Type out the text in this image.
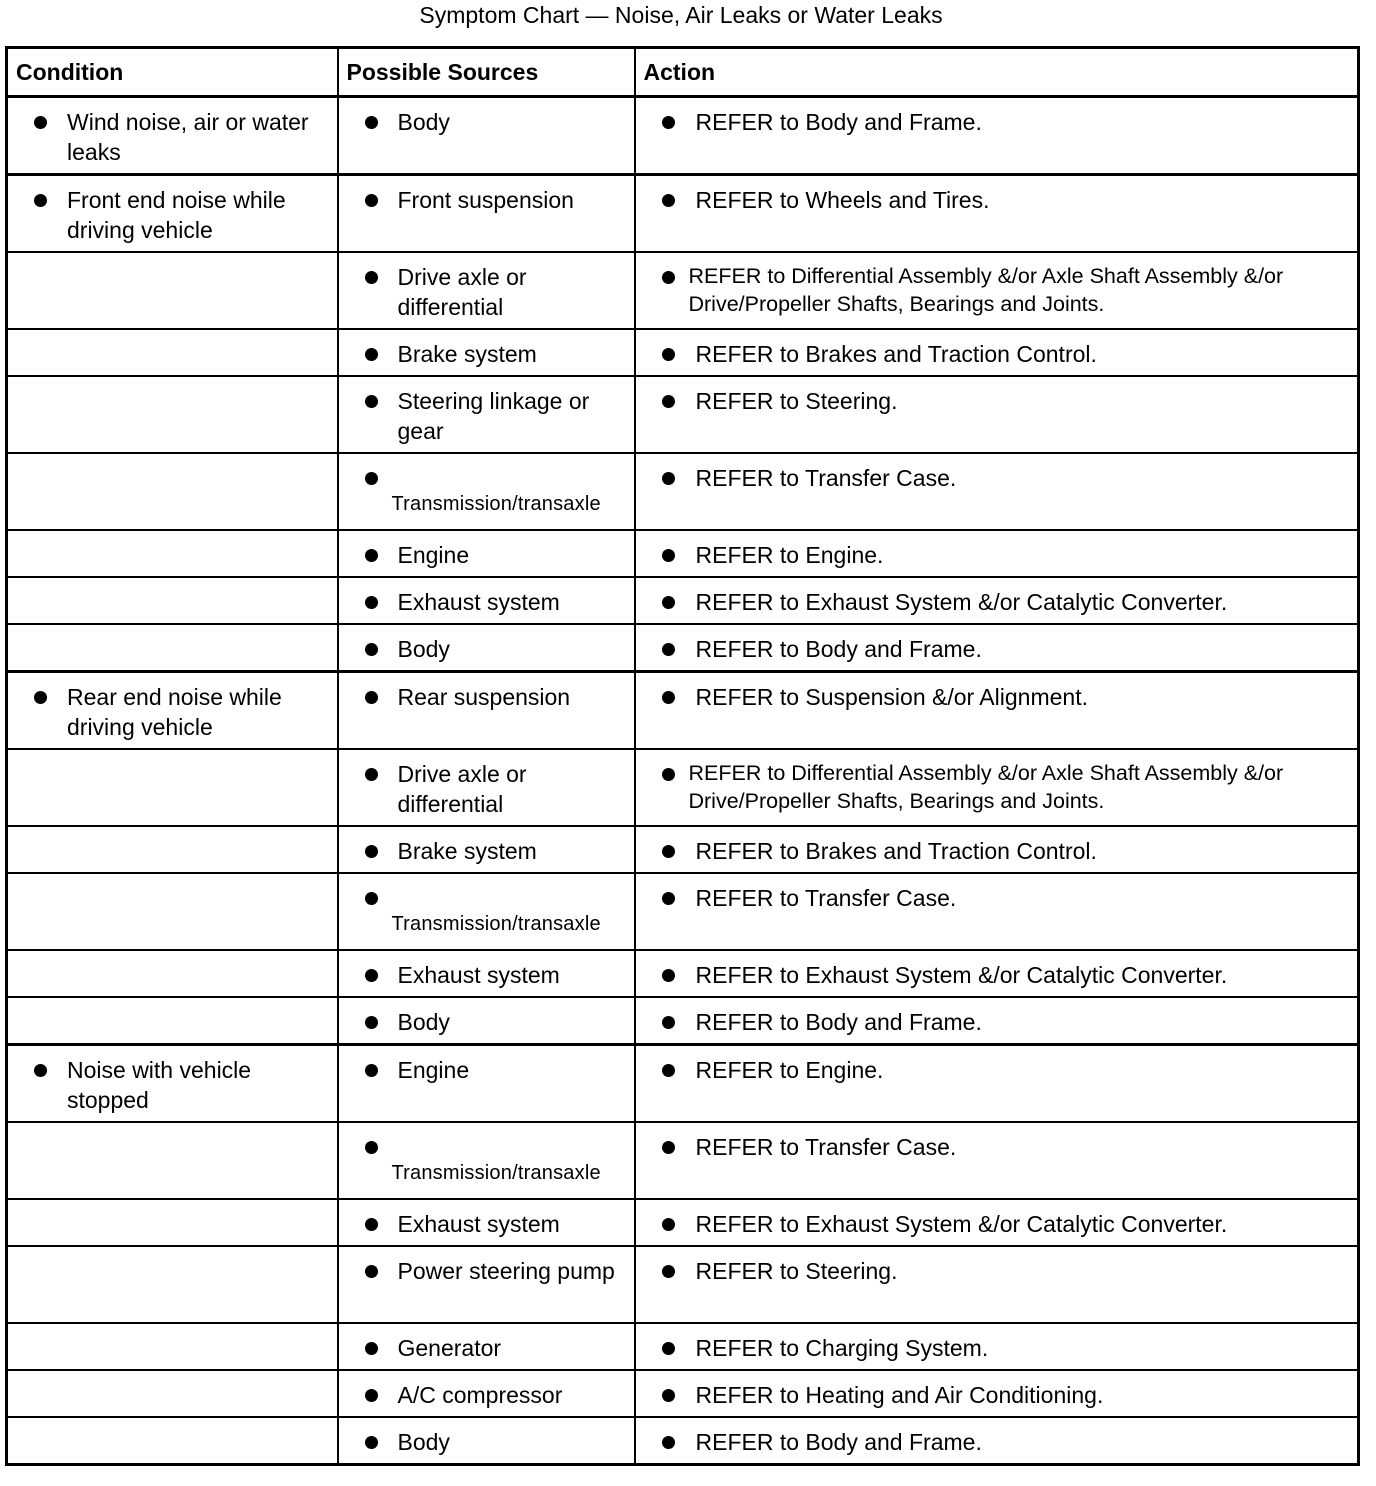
Symptom Chart — Noise, Air Leaks or Water Leaks
Condition	Possible Sources	Action

Wind noise, air or water leaks	Body	REFER to Body and Frame.

Front end noise while driving vehicle	Front suspension	REFER to Wheels and Tires.

	Drive axle or differential	REFER to Differential Assembly &/or Axle Shaft Assembly &/or Drive/Propeller Shafts, Bearings and Joints.

	Brake system	REFER to Brakes and Traction Control.

	Steering linkage or gear	REFER to Steering.

	Transmission/transaxle	REFER to Transfer Case.

	Engine	REFER to Engine.

	Exhaust system	REFER to Exhaust System &/or Catalytic Converter.

	Body	REFER to Body and Frame.

Rear end noise while driving vehicle	Rear suspension	REFER to Suspension &/or Alignment.

	Drive axle or differential	REFER to Differential Assembly &/or Axle Shaft Assembly &/or Drive/Propeller Shafts, Bearings and Joints.

	Brake system	REFER to Brakes and Traction Control.

	Transmission/transaxle	REFER to Transfer Case.

	Exhaust system	REFER to Exhaust System &/or Catalytic Converter.

	Body	REFER to Body and Frame.

Noise with vehicle stopped	Engine	REFER to Engine.

	Transmission/transaxle	REFER to Transfer Case.

	Exhaust system	REFER to Exhaust System &/or Catalytic Converter.

	Power steering pump	REFER to Steering.

	Generator	REFER to Charging System.

	A/C compressor	REFER to Heating and Air Conditioning.

	Body	REFER to Body and Frame.
